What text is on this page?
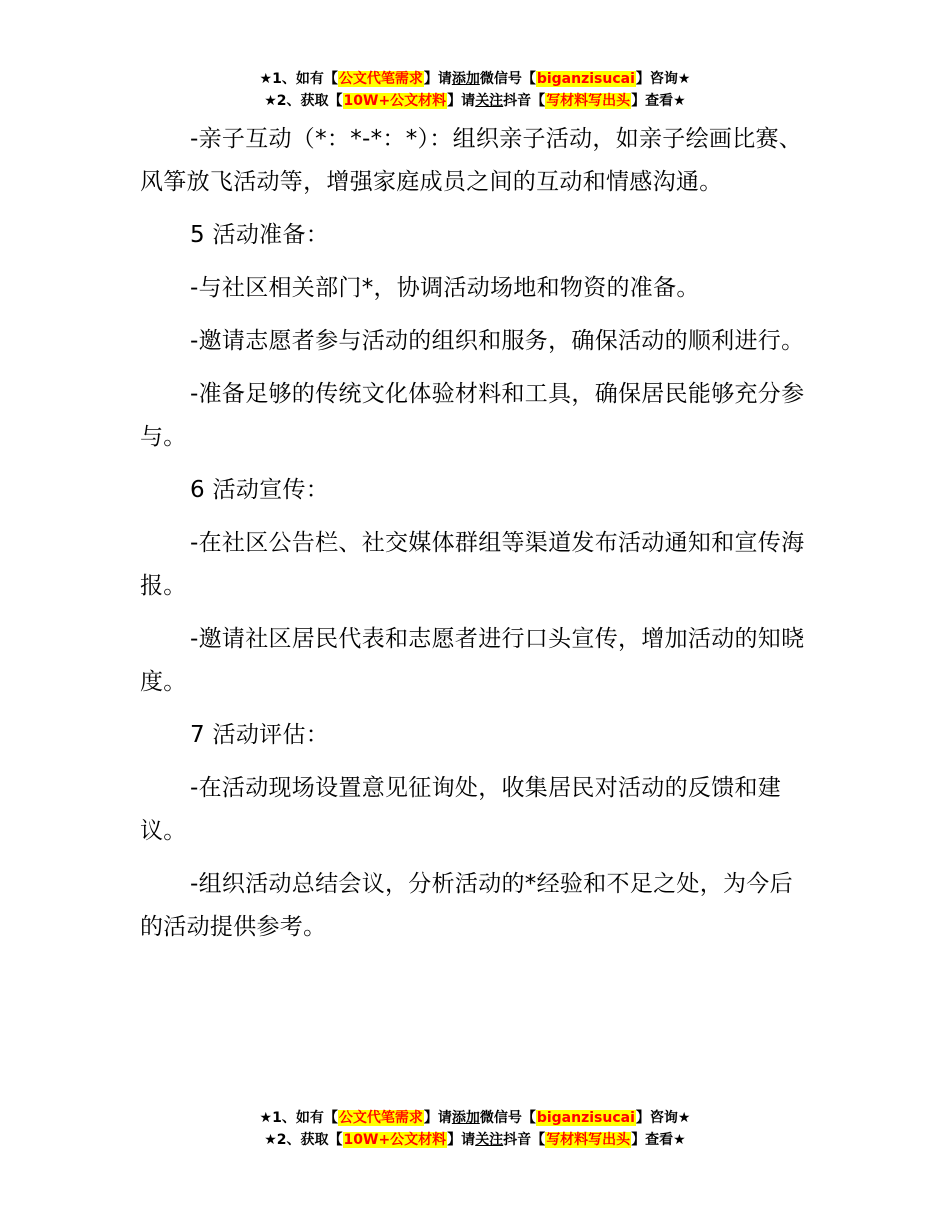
★1、如有【公文代笔需求】请添加微信号【biganzisucai】咨询★
★2、获取【10W+公文材料】请关注抖音【写材料写出头】查看★

-亲子互动（*：*-*：*）：组织亲子活动，如亲子绘画比赛、风筝放飞活动等，增强家庭成员之间的互动和情感沟通。

5 活动准备：

-与社区相关部门*，协调活动场地和物资的准备。

-邀请志愿者参与活动的组织和服务，确保活动的顺利进行。

-准备足够的传统文化体验材料和工具，确保居民能够充分参与。

6 活动宣传：

-在社区公告栏、社交媒体群组等渠道发布活动通知和宣传海报。

-邀请社区居民代表和志愿者进行口头宣传，增加活动的知晓度。

7 活动评估：

-在活动现场设置意见征询处，收集居民对活动的反馈和建议。

-组织活动总结会议，分析活动的*经验和不足之处，为今后的活动提供参考。

★1、如有【公文代笔需求】请添加微信号【biganzisucai】咨询★
★2、获取【10W+公文材料】请关注抖音【写材料写出头】查看★
